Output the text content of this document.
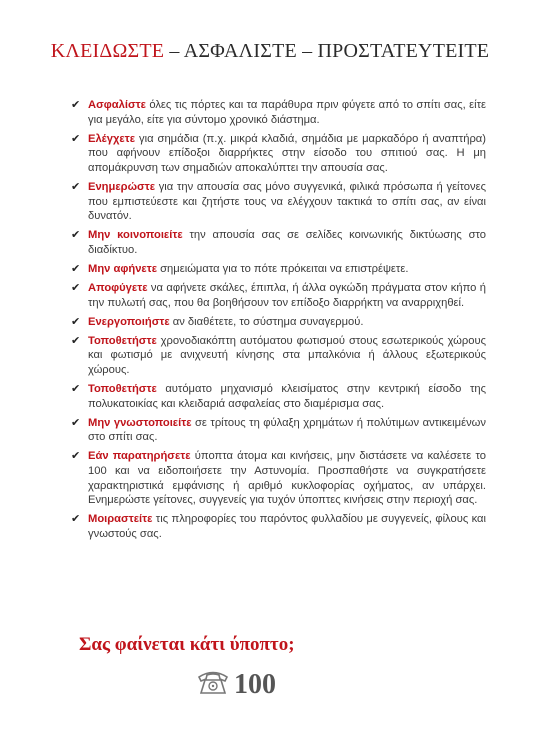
ΚΛΕΙΔΩΣΤΕ – ΑΣΦΑΛΙΣΤΕ – ΠΡΟΣΤΑΤΕΥΤΕΙΤΕ
✔ Ασφαλίστε όλες τις πόρτες και τα παράθυρα πριν φύγετε από το σπίτι σας, είτε για μεγάλο, είτε για σύντομο χρονικό διάστημα.
✔ Ελέγχετε για σημάδια (π.χ. μικρά κλαδιά, σημάδια με μαρκαδόρο ή αναπτήρα) που αφήνουν επίδοξοι διαρρήκτες στην είσοδο του σπιτιού σας. Η μη απομάκρυνση των σημαδιών αποκαλύπτει την απουσία σας.
✔ Ενημερώστε για την απουσία σας μόνο συγγενικά, φιλικά πρόσωπα ή γείτονες που εμπιστεύεστε και ζητήστε τους να ελέγχουν τακτικά το σπίτι σας, αν είναι δυνατόν.
✔ Μην κοινοποιείτε την απουσία σας σε σελίδες κοινωνικής δικτύωσης στο διαδίκτυο.
✔ Μην αφήνετε σημειώματα για το πότε πρόκειται να επιστρέψετε.
✔ Αποφύγετε να αφήνετε σκάλες, έπιπλα, ή άλλα ογκώδη πράγματα στον κήπο ή την πυλωτή σας, που θα βοηθήσουν τον επίδοξο διαρρήκτη να αναρριχηθεί.
✔ Ενεργοποιήστε αν διαθέτετε, το σύστημα συναγερμού.
✔ Τοποθετήστε χρονοδιακόπτη αυτόματου φωτισμού στους εσωτερικούς χώρους και φωτισμό με ανιχνευτή κίνησης στα μπαλκόνια ή άλλους εξωτερικούς χώρους.
✔ Τοποθετήστε αυτόματο μηχανισμό κλεισίματος στην κεντρική είσοδο της πολυκατοικίας και κλειδαριά ασφαλείας στο διαμέρισμα σας.
✔ Μην γνωστοποιείτε σε τρίτους τη φύλαξη χρημάτων ή πολύτιμων αντικειμένων στο σπίτι σας.
✔ Εάν παρατηρήσετε ύποπτα άτομα και κινήσεις, μην διστάσετε να καλέσετε το 100 και να ειδοποιήσετε την Αστυνομία. Προσπαθήστε να συγκρατήσετε χαρακτηριστικά εμφάνισης ή αριθμό κυκλοφορίας οχήματος, αν υπάρχει. Ενημερώστε γείτονες, συγγενείς για τυχόν ύποπτες κινήσεις στην περιοχή σας.
✔ Μοιραστείτε τις πληροφορίες του παρόντος φυλλαδίου με συγγενείς, φίλους και γνωστούς σας.
Σας φαίνεται κάτι ύποπτο;
100
